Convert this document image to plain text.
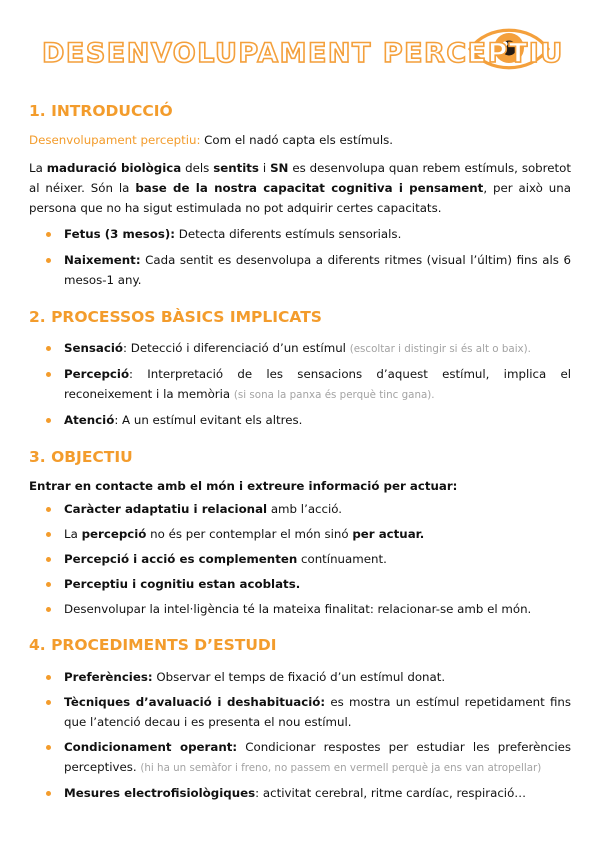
DESENVOLUPAMENT PERCEPTIU
1. INTRODUCCIÓ

Desenvolupament perceptiu: Com el nadó capta els estímuls.

La maduració biològica dels sentits i SN es desenvolupa quan rebem estímuls, sobretot al néixer. Són la base de la nostra capacitat cognitiva i pensament, per això una persona que no ha sigut estimulada no pot adquirir certes capacitats.

Fetus (3 mesos): Detecta diferents estímuls sensorials.
Naixement: Cada sentit es desenvolupa a diferents ritmes (visual l’últim) fins als 6 mesos-1 any.
2. PROCESSOS BÀSICS IMPLICATS
Sensació: Detecció i diferenciació d’un estímul (escoltar i distingir si és alt o baix).
Percepció: Interpretació de les sensacions d’aquest estímul, implica el reconeixement i la memòria (si sona la panxa és perquè tinc gana).
Atenció: A un estímul evitant els altres.
3. OBJECTIU

Entrar en contacte amb el món i extreure informació per actuar:

Caràcter adaptatiu i relacional amb l’acció.
La percepció no és per contemplar el món sinó per actuar.
Percepció i acció es complementen contínuament.
Perceptiu i cognitiu estan acoblats.
Desenvolupar la intel·ligència té la mateixa finalitat: relacionar-se amb el món.
4. PROCEDIMENTS D’ESTUDI
Preferències: Observar el temps de fixació d’un estímul donat.
Tècniques d’avaluació i deshabituació: es mostra un estímul repetidament fins que l’atenció decau i es presenta el nou estímul.
Condicionament operant: Condicionar respostes per estudiar les preferències perceptives. (hi ha un semàfor i freno, no passem en vermell perquè ja ens van atropellar)
Mesures electrofisiològiques: activitat cerebral, ritme cardíac, respiració…
